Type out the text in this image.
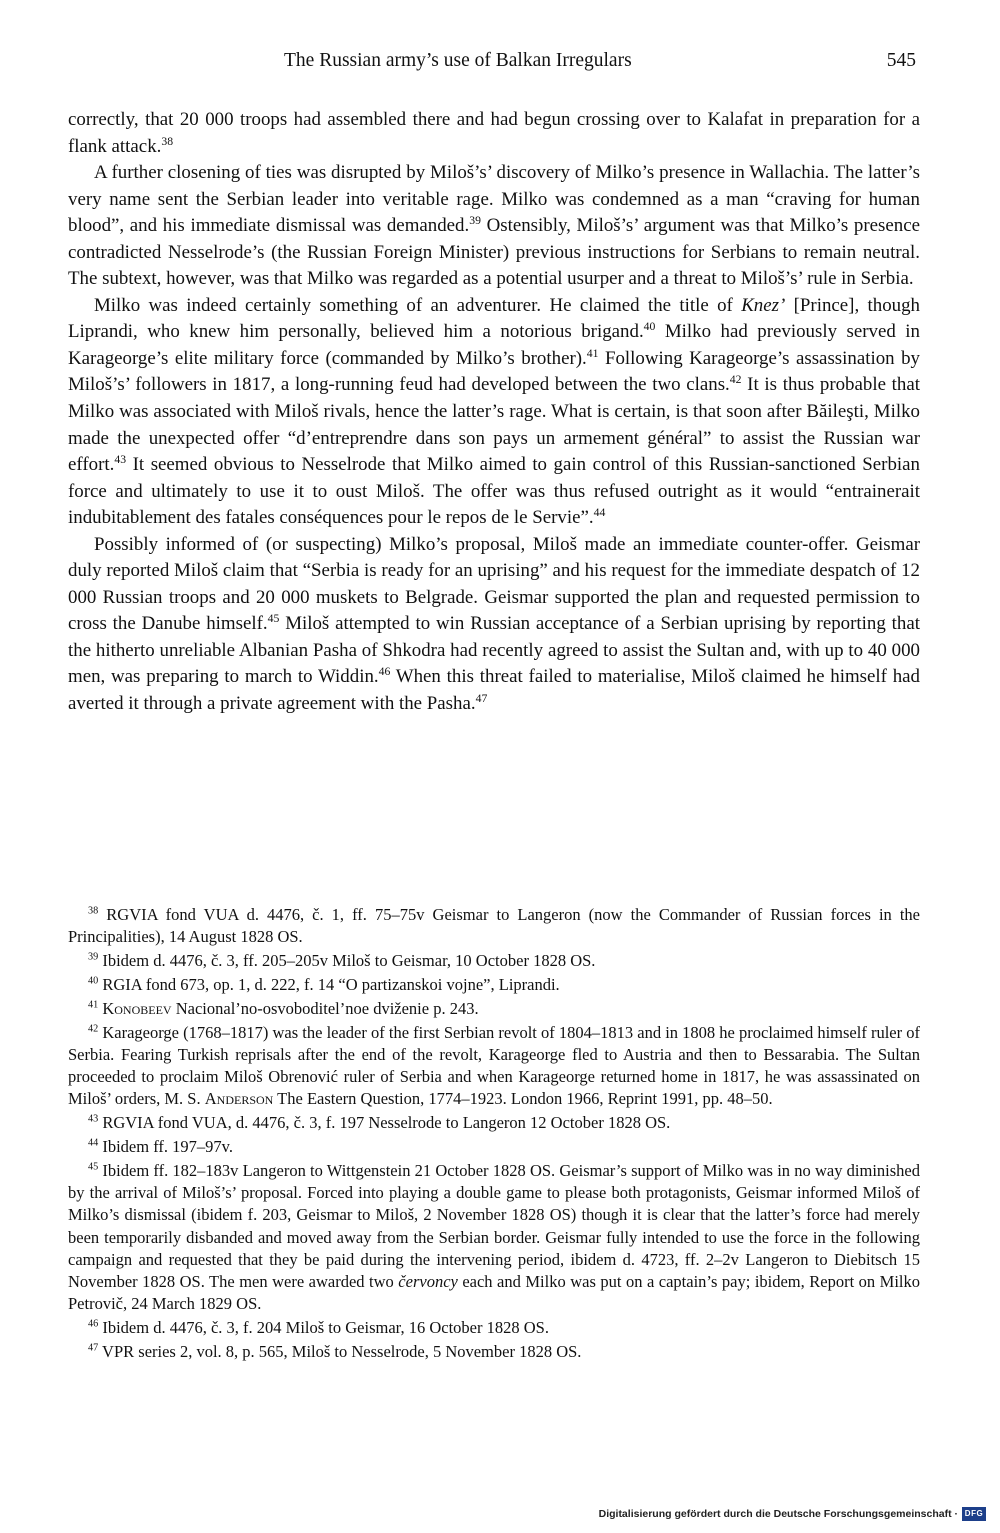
The Russian army’s use of Balkan Irregulars	545

correctly, that 20 000 troops had assembled there and had begun crossing over to Kalafat in preparation for a flank attack.$^{38}$

A further closening of ties was disrupted by Miloš’s’ discovery of Milko’s presence in Wallachia. The latter’s very name sent the Serbian leader into veritable rage. Milko was condemned as a man “craving for human blood”, and his immediate dismissal was demanded.$^{39}$ Ostensibly, Miloš’s’ argument was that Milko’s presence contradicted Nesselrode’s (the Russian Foreign Minister) previous instructions for Serbians to remain neutral. The subtext, however, was that Milko was regarded as a potential usurper and a threat to Miloš’s’ rule in Serbia.

Milko was indeed certainly something of an adventurer. He claimed the title of Knez’ [Prince], though Liprandi, who knew him personally, believed him a notorious brigand.$^{40}$ Milko had previously served in Karageorge’s elite military force (commanded by Milko’s brother).$^{41}$ Following Karageorge’s assassination by Miloš’s’ followers in 1817, a long-running feud had developed between the two clans.$^{42}$ It is thus probable that Milko was associated with Miloš rivals, hence the latter’s rage. What is certain, is that soon after Băileşti, Milko made the unexpected offer “d’entreprendre dans son pays un armement général” to assist the Russian war effort.$^{43}$ It seemed obvious to Nesselrode that Milko aimed to gain control of this Russian-sanctioned Serbian force and ultimately to use it to oust Miloš. The offer was thus refused outright as it would “entrainerait indubitablement des fatales conséquences pour le repos de le Servie”.$^{44}$

Possibly informed of (or suspecting) Milko’s proposal, Miloš made an immediate counter-offer. Geismar duly reported Miloš claim that “Serbia is ready for an uprising” and his request for the immediate despatch of 12 000 Russian troops and 20 000 muskets to Belgrade. Geismar supported the plan and requested permission to cross the Danube himself.$^{45}$ Miloš attempted to win Russian acceptance of a Serbian uprising by reporting that the hitherto unreliable Albanian Pasha of Shkodra had recently agreed to assist the Sultan and, with up to 40 000 men, was preparing to march to Widdin.$^{46}$ When this threat failed to materialise, Miloš claimed he himself had averted it through a private agreement with the Pasha.$^{47}$

$^{38}$ RGVIA fond VUA d. 4476, č. 1, ff. 75–75v Geismar to Langeron (now the Commander of Russian forces in the Principalities), 14 August 1828 OS.

$^{39}$ Ibidem d. 4476, č. 3, ff. 205–205v Miloš to Geismar, 10 October 1828 OS.

$^{40}$ RGIA fond 673, op. 1, d. 222, f. 14 “O partizanskoi vojne”, Liprandi.

$^{41}$ Konobeev Nacional’no-osvoboditel’noe dviženie p. 243.

$^{42}$ Karageorge (1768–1817) was the leader of the first Serbian revolt of 1804–1813 and in 1808 he proclaimed himself ruler of Serbia. Fearing Turkish reprisals after the end of the revolt, Karageorge fled to Austria and then to Bessarabia. The Sultan proceeded to proclaim Miloš Obrenović ruler of Serbia and when Karageorge returned home in 1817, he was assassinated on Miloš’ orders, M. S. Anderson The Eastern Question, 1774–1923. London 1966, Reprint 1991, pp. 48–50.

$^{43}$ RGVIA fond VUA, d. 4476, č. 3, f. 197 Nesselrode to Langeron 12 October 1828 OS.

$^{44}$ Ibidem ff. 197–97v.

$^{45}$ Ibidem ff. 182–183v Langeron to Wittgenstein 21 October 1828 OS. Geismar’s support of Milko was in no way diminished by the arrival of Miloš’s’ proposal. Forced into playing a double game to please both protagonists, Geismar informed Miloš of Milko’s dismissal (ibidem f. 203, Geismar to Miloš, 2 November 1828 OS) though it is clear that the latter’s force had merely been temporarily disbanded and moved away from the Serbian border. Geismar fully intended to use the force in the following campaign and requested that they be paid during the intervening period, ibidem d. 4723, ff. 2–2v Langeron to Diebitsch 15 November 1828 OS. The men were awarded two červoncy each and Milko was put on a captain’s pay; ibidem, Report on Milko Petrovič, 24 March 1829 OS.

$^{46}$ Ibidem d. 4476, č. 3, f. 204 Miloš to Geismar, 16 October 1828 OS.

$^{47}$ VPR series 2, vol. 8, p. 565, Miloš to Nesselrode, 5 November 1828 OS.

Digitalisierung gefördert durch die Deutsche Forschungsgemeinschaft · DFG
